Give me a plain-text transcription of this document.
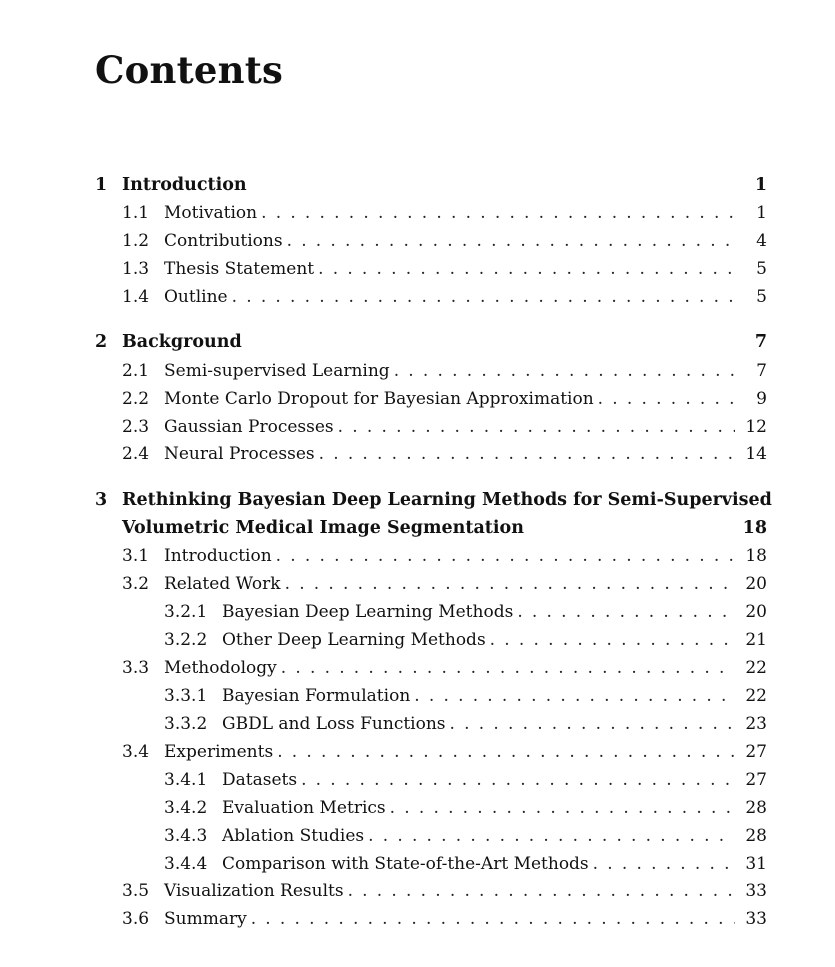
Contents
1 Introduction	1
1.1 Motivation . . .	1
1.2 Contributions . . .	4
1.3 Thesis Statement . . .	5
1.4 Outline . . .	5
2 Background	7
2.1 Semi-supervised Learning . . .	7
2.2 Monte Carlo Dropout for Bayesian Approximation . . .	9
2.3 Gaussian Processes . . .	12
2.4 Neural Processes . . .	14
3 Rethinking Bayesian Deep Learning Methods for Semi-Supervised
Volumetric Medical Image Segmentation	18
3.1 Introduction . . .	18
3.2 Related Work . . .	20
3.2.1 Bayesian Deep Learning Methods . . .	20
3.2.2 Other Deep Learning Methods . . .	21
3.3 Methodology . . .	22
3.3.1 Bayesian Formulation . . .	22
3.3.2 GBDL and Loss Functions . . .	23
3.4 Experiments . . .	27
3.4.1 Datasets . . .	27
3.4.2 Evaluation Metrics . . .	28
3.4.3 Ablation Studies . . .	28
3.4.4 Comparison with State-of-the-Art Methods . . .	31
3.5 Visualization Results . . .	33
3.6 Summary . . .	33
